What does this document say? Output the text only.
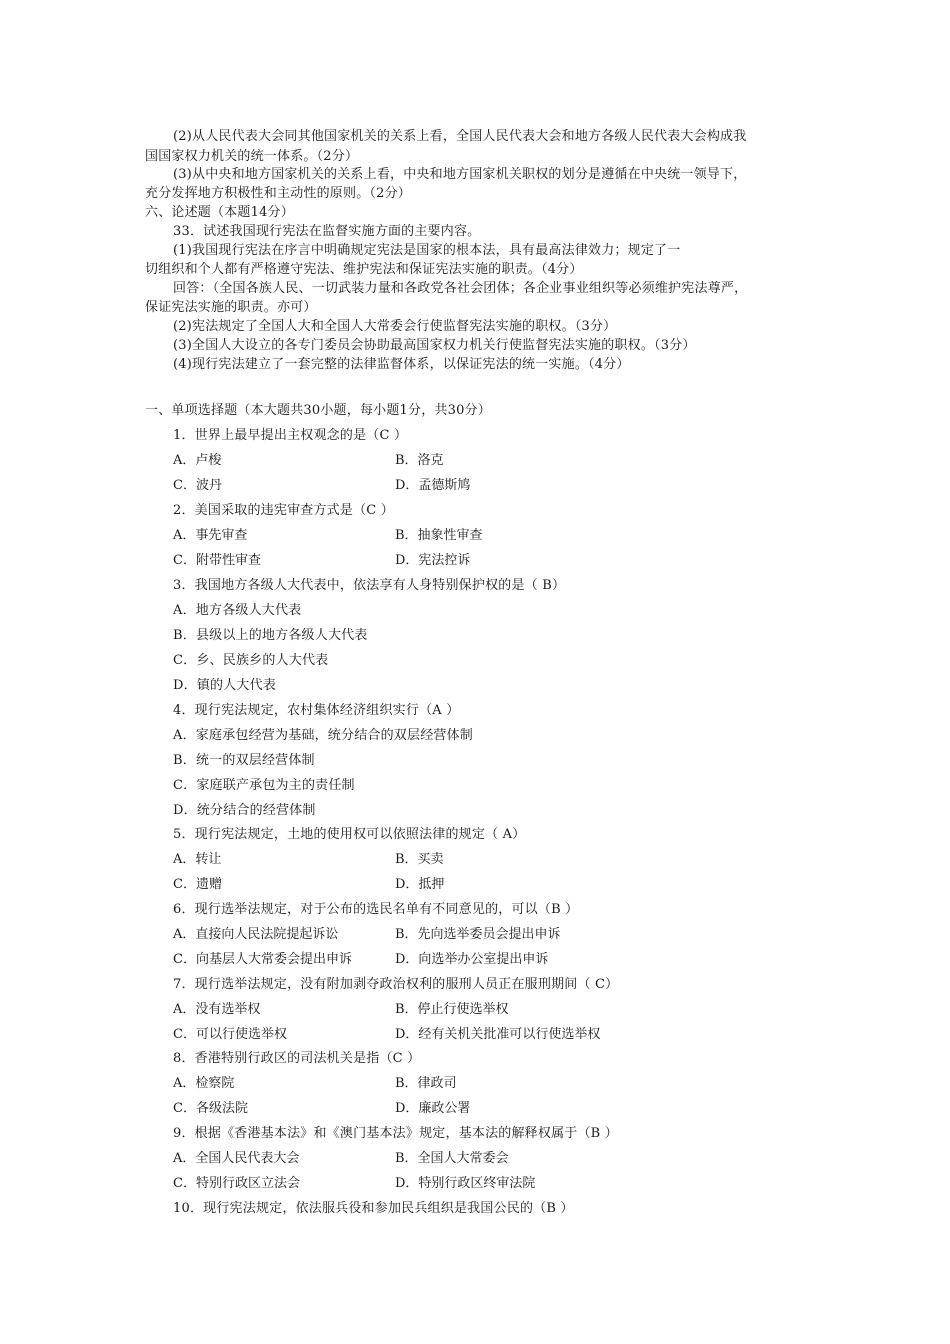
(2)从人民代表大会同其他国家机关的关系上看，全国人民代表大会和地方各级人民代表大会构成我
国国家权力机关的统一体系。（2分）
(3)从中央和地方国家机关的关系上看，中央和地方国家机关职权的划分是遵循在中央统一领导下，
充分发挥地方积极性和主动性的原则。（2分）
六、论述题（本题14分）
33．试述我国现行宪法在监督实施方面的主要内容。
(1)我国现行宪法在序言中明确规定宪法是国家的根本法，具有最高法律效力；规定了一
切组织和个人都有严格遵守宪法、维护宪法和保证宪法实施的职责。（4分）
回答：（全国各族人民、一切武装力量和各政党各社会团体；各企业事业组织等必须维护宪法尊严，
保证宪法实施的职责。亦可）
(2)宪法规定了全国人大和全国人大常委会行使监督宪法实施的职权。（3分）
(3)全国人大设立的各专门委员会协助最高国家权力机关行使监督宪法实施的职权。（3分）
(4)现行宪法建立了一套完整的法律监督体系，以保证宪法的统一实施。（4分）
一、单项选择题（本大题共30小题，每小题1分，共30分）
1．世界上最早提出主权观念的是（C ）
A．卢梭	B．洛克
C．波丹	D．孟德斯鸠
2．美国采取的违宪审查方式是（C ）
A．事先审查	B．抽象性审查
C．附带性审查	D．宪法控诉
3．我国地方各级人大代表中，依法享有人身特别保护权的是（ B）
A．地方各级人大代表
B．县级以上的地方各级人大代表
C．乡、民族乡的人大代表
D．镇的人大代表
4．现行宪法规定，农村集体经济组织实行（A ）
A．家庭承包经营为基础，统分结合的双层经营体制
B．统一的双层经营体制
C．家庭联产承包为主的责任制
D．统分结合的经营体制
5．现行宪法规定，土地的使用权可以依照法律的规定（ A）
A．转让	B．买卖
C．遗赠	D．抵押
6．现行选举法规定，对于公布的选民名单有不同意见的，可以（B ）
A．直接向人民法院提起诉讼	B．先向选举委员会提出申诉
C．向基层人大常委会提出申诉	D．向选举办公室提出申诉
7．现行选举法规定，没有附加剥夺政治权利的服刑人员正在服刑期间（ C）
A．没有选举权	B．停止行使选举权
C．可以行使选举权	D．经有关机关批准可以行使选举权
8．香港特别行政区的司法机关是指（C ）
A．检察院	B．律政司
C．各级法院	D．廉政公署
9．根据《香港基本法》和《澳门基本法》规定，基本法的解释权属于（B ）
A．全国人民代表大会	B．全国人大常委会
C．特别行政区立法会	D．特别行政区终审法院
10．现行宪法规定，依法服兵役和参加民兵组织是我国公民的（B ）
